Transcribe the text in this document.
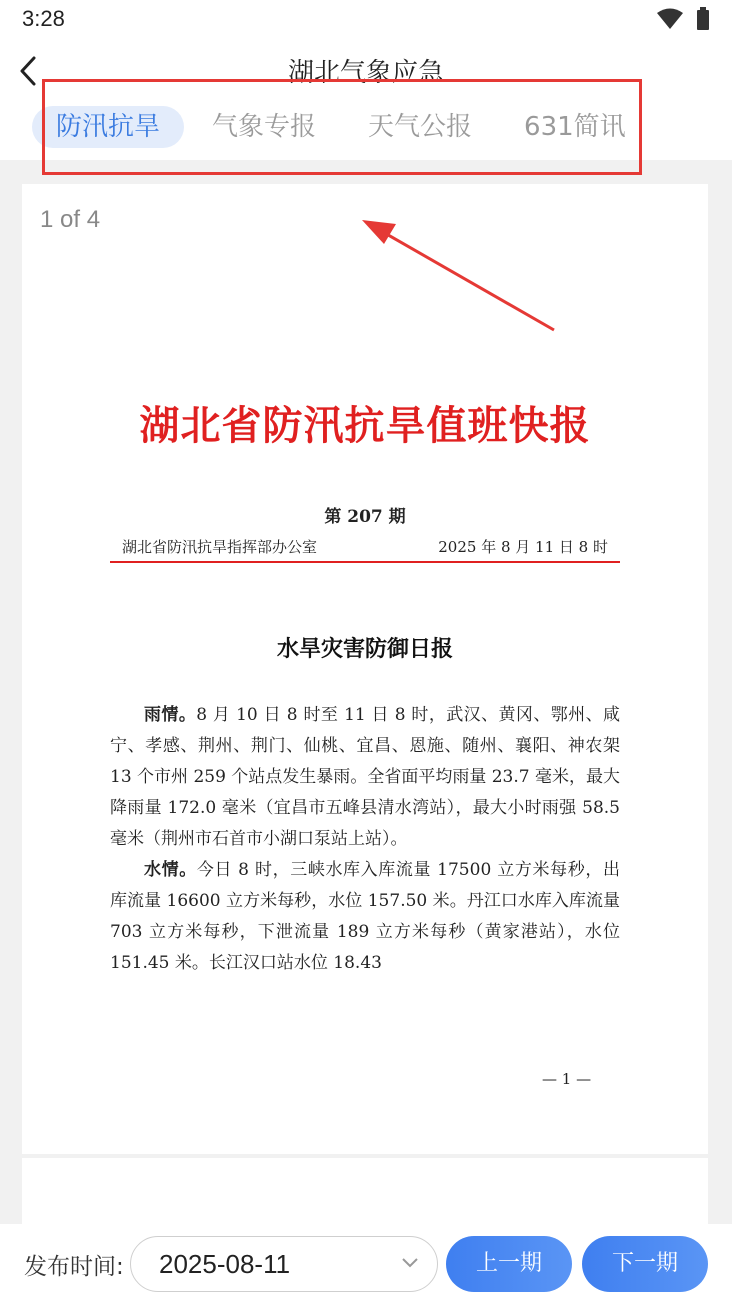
3:28
湖北气象应急
防汛抗旱	气象专报	天气公报	631简讯
1 of 4
湖北省防汛抗旱值班快报
第 207 期
湖北省防汛抗旱指挥部办公室	2025 年 8 月 11 日 8 时
水旱灾害防御日报

雨情。8 月 10 日 8 时至 11 日 8 时，武汉、黄冈、鄂州、咸宁、孝感、荆州、荆门、仙桃、宜昌、恩施、随州、襄阳、神农架 13 个市州 259 个站点发生暴雨。全省面平均雨量 23.7 毫米，最大降雨量 172.0 毫米（宜昌市五峰县清水湾站），最大小时雨强 58.5 毫米（荆州市石首市小湖口泵站上站）。

水情。今日 8 时，三峡水库入库流量 17500 立方米每秒，出库流量 16600 立方米每秒，水位 157.50 米。丹江口水库入库流量 703 立方米每秒，下泄流量 189 立方米每秒（黄家港站），水位 151.45 米。长江汉口站水位 18.43

— 1 —
发布时间: 2025-08-11	上一期	下一期
